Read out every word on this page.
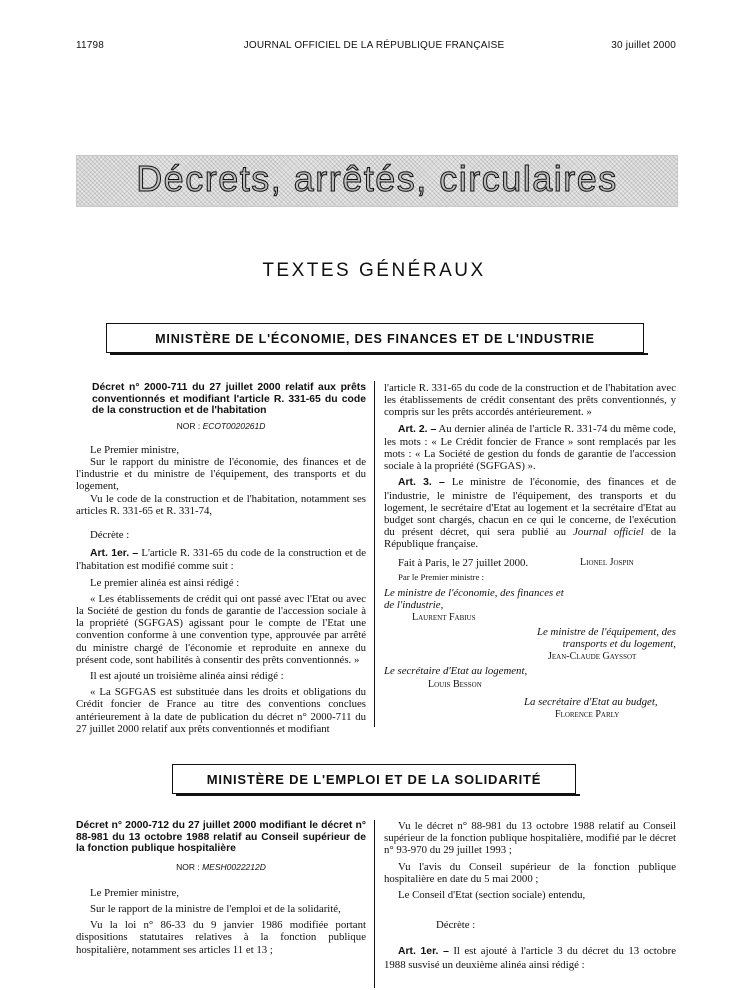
11798	JOURNAL OFFICIEL DE LA RÉPUBLIQUE FRANÇAISE	30 juillet 2000
Décrets, arrêtés, circulaires
TEXTES GÉNÉRAUX
MINISTÈRE DE L'ÉCONOMIE, DES FINANCES ET DE L'INDUSTRIE
Décret n° 2000-711 du 27 juillet 2000 relatif aux prêts conventionnés et modifiant l'article R. 331-65 du code de la construction et de l'habitation
NOR : ECOT0020261D

Le Premier ministre,

Sur le rapport du ministre de l'économie, des finances et de l'industrie et du ministre de l'équipement, des transports et du logement,

Vu le code de la construction et de l'habitation, notamment ses articles R. 331-65 et R. 331-74,

Décrète :

Art. 1er. – L'article R. 331-65 du code de la construction et de l'habitation est modifié comme suit :

Le premier alinéa est ainsi rédigé :

« Les établissements de crédit qui ont passé avec l'Etat ou avec la Société de gestion du fonds de garantie de l'accession sociale à la propriété (SGFGAS) agissant pour le compte de l'Etat une convention conforme à une convention type, approuvée par arrêté du ministre chargé de l'économie et reproduite en annexe du présent code, sont habilités à consentir des prêts conventionnés. »

Il est ajouté un troisième alinéa ainsi rédigé :

« La SGFGAS est substituée dans les droits et obligations du Crédit foncier de France au titre des conventions conclues antérieurement à la date de publication du décret n° 2000-711 du 27 juillet 2000 relatif aux prêts conventionnés et modifiant

l'article R. 331-65 du code de la construction et de l'habitation avec les établissements de crédit consentant des prêts conventionnés, y compris sur les prêts accordés antérieurement. »

Art. 2. – Au dernier alinéa de l'article R. 331-74 du même code, les mots : « Le Crédit foncier de France » sont remplacés par les mots : « La Société de gestion du fonds de garantie de l'accession sociale à la propriété (SGFGAS) ».

Art. 3. – Le ministre de l'économie, des finances et de l'industrie, le ministre de l'équipement, des transports et du logement, le secrétaire d'Etat au logement et la secrétaire d'Etat au budget sont chargés, chacun en ce qui le concerne, de l'exécution du présent décret, qui sera publié au Journal officiel de la République française.

Fait à Paris, le 27 juillet 2000.	Lionel Jospin
Par le Premier ministre :
Le ministre de l'économie, des finances et de l'industrie,
Laurent Fabius
Le ministre de l'équipement, des transports et du logement,
Jean-Claude Gayssot
Le secrétaire d'Etat au logement,
Louis Besson
La secrétaire d'Etat au budget,
Florence Parly
MINISTÈRE DE L'EMPLOI ET DE LA SOLIDARITÉ
Décret n° 2000-712 du 27 juillet 2000 modifiant le décret n° 88-981 du 13 octobre 1988 relatif au Conseil supérieur de la fonction publique hospitalière
NOR : MESH0022212D

Le Premier ministre,

Sur le rapport de la ministre de l'emploi et de la solidarité,

Vu la loi n° 86-33 du 9 janvier 1986 modifiée portant dispositions statutaires relatives à la fonction publique hospitalière, notamment ses articles 11 et 13 ;

Vu le décret n° 88-981 du 13 octobre 1988 relatif au Conseil supérieur de la fonction publique hospitalière, modifié par le décret n° 93-970 du 29 juillet 1993 ;

Vu l'avis du Conseil supérieur de la fonction publique hospitalière en date du 5 mai 2000 ;

Le Conseil d'Etat (section sociale) entendu,

Décrète :

Art. 1er. – Il est ajouté à l'article 3 du décret du 13 octobre 1988 susvisé un deuxième alinéa ainsi rédigé :
